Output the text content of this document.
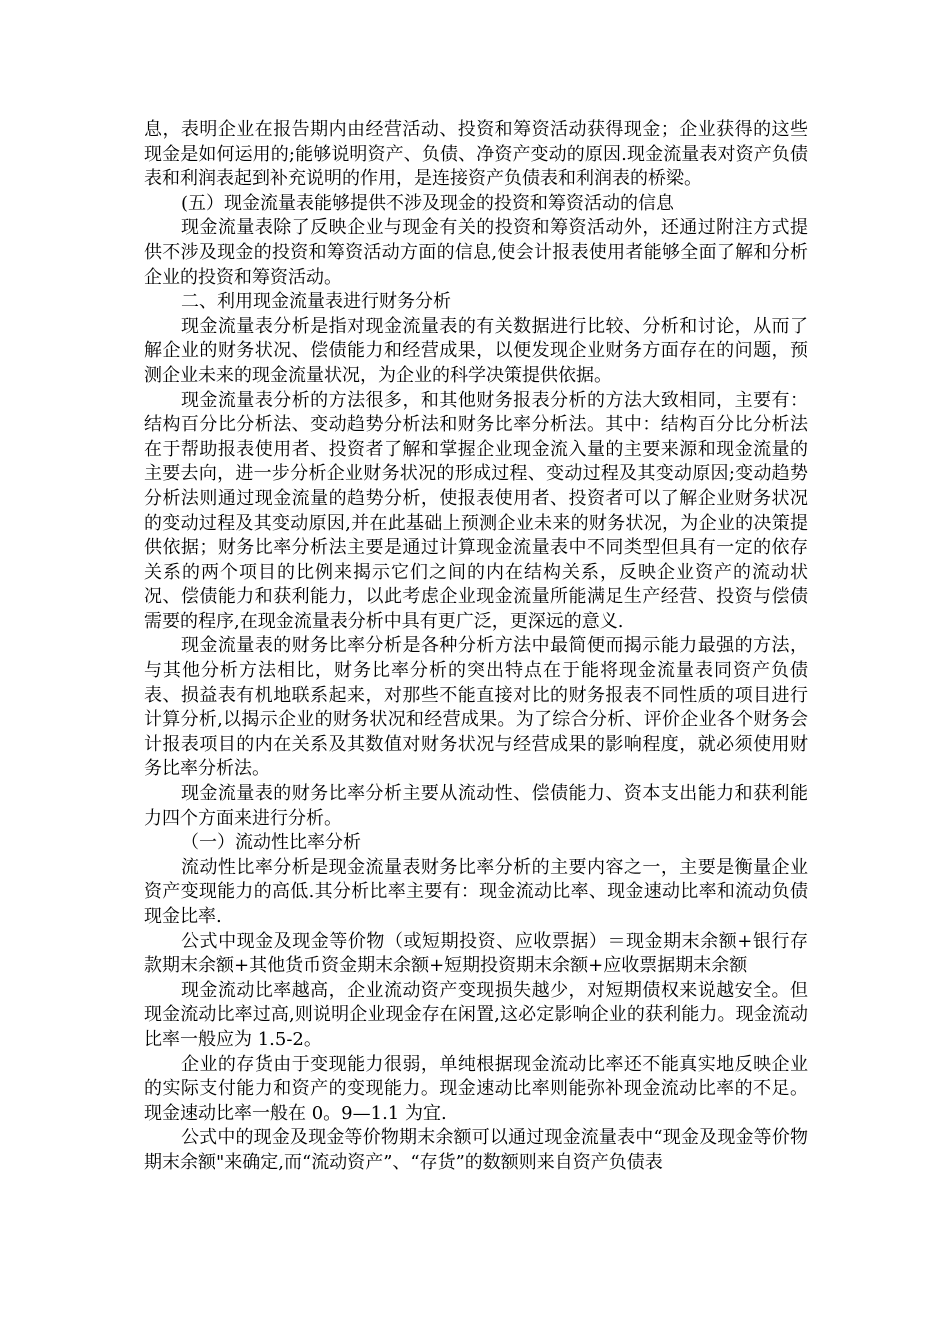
息，表明企业在报告期内由经营活动、投资和筹资活动获得现金；企业获得的这些现金是如何运用的;能够说明资产、负债、净资产变动的原因.现金流量表对资产负债表和利润表起到补充说明的作用，是连接资产负债表和利润表的桥梁。

(五）现金流量表能够提供不涉及现金的投资和筹资活动的信息

现金流量表除了反映企业与现金有关的投资和筹资活动外，还通过附注方式提供不涉及现金的投资和筹资活动方面的信息,使会计报表使用者能够全面了解和分析企业的投资和筹资活动。

二、利用现金流量表进行财务分析

现金流量表分析是指对现金流量表的有关数据进行比较、分析和讨论，从而了解企业的财务状况、偿债能力和经营成果，以便发现企业财务方面存在的问题，预测企业未来的现金流量状况，为企业的科学决策提供依据。

现金流量表分析的方法很多，和其他财务报表分析的方法大致相同，主要有：结构百分比分析法、变动趋势分析法和财务比率分析法。其中：结构百分比分析法在于帮助报表使用者、投资者了解和掌握企业现金流入量的主要来源和现金流量的主要去向，进一步分析企业财务状况的形成过程、变动过程及其变动原因;变动趋势分析法则通过现金流量的趋势分析，使报表使用者、投资者可以了解企业财务状况的变动过程及其变动原因,并在此基础上预测企业未来的财务状况，为企业的决策提供依据；财务比率分析法主要是通过计算现金流量表中不同类型但具有一定的依存关系的两个项目的比例来揭示它们之间的内在结构关系，反映企业资产的流动状况、偿债能力和获利能力，以此考虑企业现金流量所能满足生产经营、投资与偿债需要的程序,在现金流量表分析中具有更广泛，更深远的意义.

现金流量表的财务比率分析是各种分析方法中最简便而揭示能力最强的方法，与其他分析方法相比，财务比率分析的突出特点在于能将现金流量表同资产负债表、损益表有机地联系起来，对那些不能直接对比的财务报表不同性质的项目进行计算分析,以揭示企业的财务状况和经营成果。为了综合分析、评价企业各个财务会计报表项目的内在关系及其数值对财务状况与经营成果的影响程度，就必须使用财务比率分析法。

现金流量表的财务比率分析主要从流动性、偿债能力、资本支出能力和获利能力四个方面来进行分析。

（一）流动性比率分析

流动性比率分析是现金流量表财务比率分析的主要内容之一，主要是衡量企业资产变现能力的高低.其分析比率主要有：现金流动比率、现金速动比率和流动负债现金比率.

公式中现金及现金等价物（或短期投资、应收票据）＝现金期末余额+银行存款期末余额+其他货币资金期末余额+短期投资期末余额+应收票据期末余额

现金流动比率越高，企业流动资产变现损失越少，对短期债权来说越安全。但现金流动比率过高,则说明企业现金存在闲置,这必定影响企业的获利能力。现金流动比率一般应为 1.5-2。

企业的存货由于变现能力很弱，单纯根据现金流动比率还不能真实地反映企业的实际支付能力和资产的变现能力。现金速动比率则能弥补现金流动比率的不足。现金速动比率一般在 0。9—1.1 为宜.

公式中的现金及现金等价物期末余额可以通过现金流量表中“现金及现金等价物期末余额"来确定,而“流动资产”、“存货”的数额则来自资产负债表
